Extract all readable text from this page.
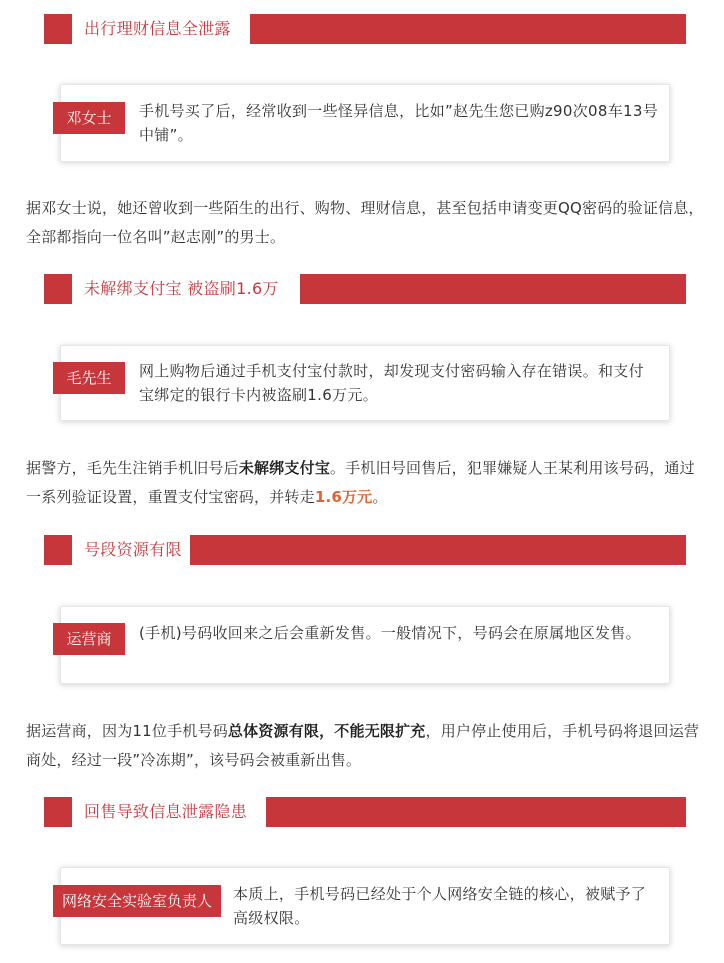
出行理财信息全泄露
邓女士	手机号买了后，经常收到一些怪异信息，比如”赵先生您已购z90次08车13号中铺”。
据邓女士说，她还曾收到一些陌生的出行、购物、理财信息，甚至包括申请变更QQ密码的验证信息，全部都指向一位名叫”赵志刚”的男士。
未解绑支付宝 被盗刷1.6万
毛先生	网上购物后通过手机支付宝付款时，却发现支付密码输入存在错误。和支付宝绑定的银行卡内被盗刷1.6万元。
据警方，毛先生注销手机旧号后未解绑支付宝。手机旧号回售后，犯罪嫌疑人王某利用该号码，通过一系列验证设置，重置支付宝密码，并转走1.6万元。
号段资源有限
运营商	(手机)号码收回来之后会重新发售。一般情况下，号码会在原属地区发售。
据运营商，因为11位手机号码总体资源有限，不能无限扩充，用户停止使用后，手机号码将退回运营商处，经过一段”冷冻期”，该号码会被重新出售。
回售导致信息泄露隐患
网络安全实验室负责人	本质上，手机号码已经处于个人网络安全链的核心，被赋予了高级权限。
